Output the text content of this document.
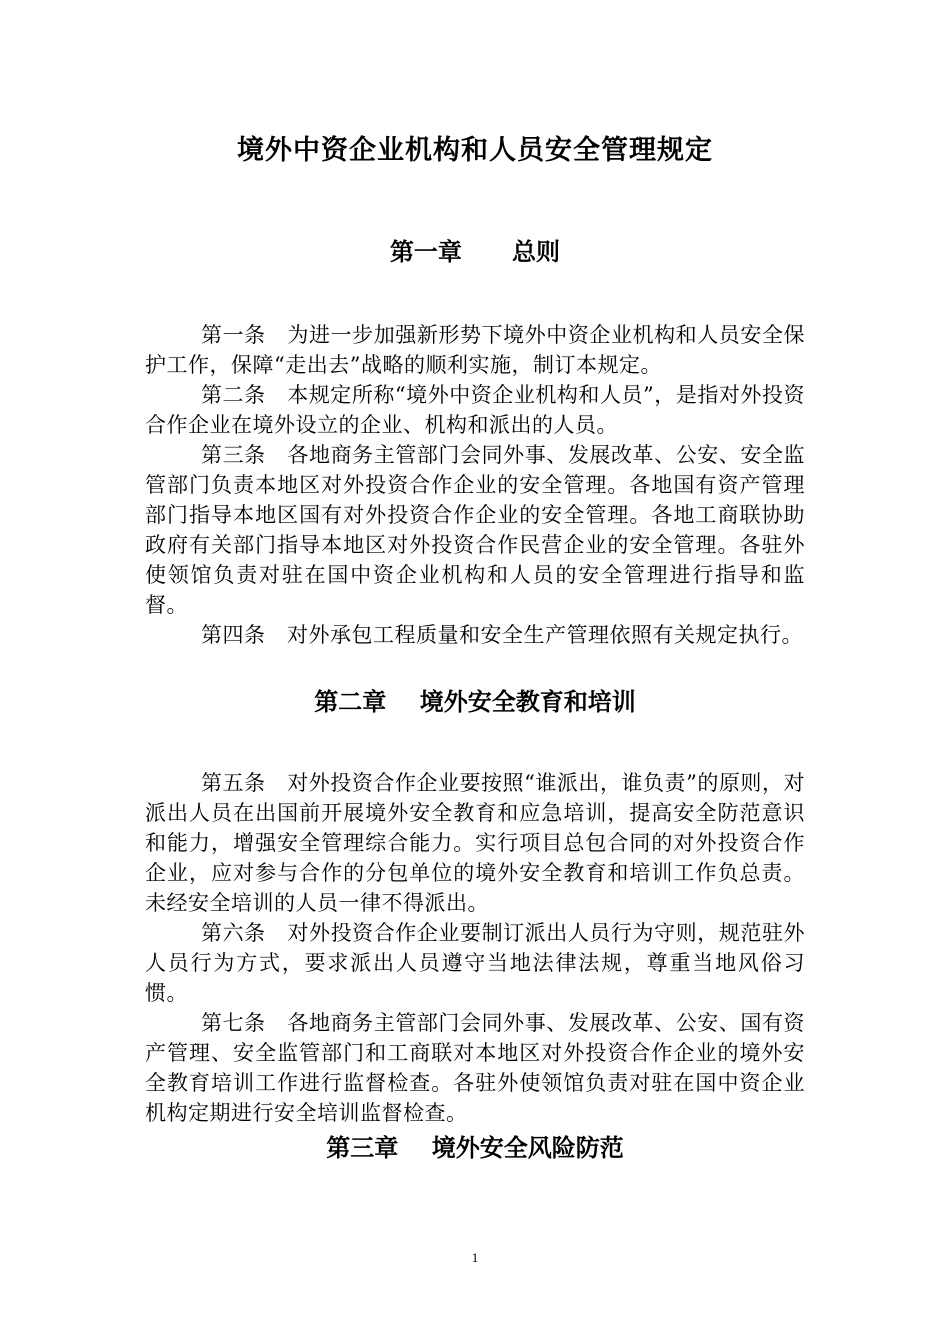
境外中资企业机构和人员安全管理规定
第一章      总则

第一条 为进一步加强新形势下境外中资企业机构和人员安全保护工作，保障“走出去”战略的顺利实施，制订本规定。

第二条 本规定所称“境外中资企业机构和人员”，是指对外投资合作企业在境外设立的企业、机构和派出的人员。

第三条 各地商务主管部门会同外事、发展改革、公安、安全监管部门负责本地区对外投资合作企业的安全管理。各地国有资产管理部门指导本地区国有对外投资合作企业的安全管理。各地工商联协助政府有关部门指导本地区对外投资合作民营企业的安全管理。各驻外使领馆负责对驻在国中资企业机构和人员的安全管理进行指导和监督。

第四条 对外承包工程质量和安全生产管理依照有关规定执行。

第二章    境外安全教育和培训

第五条 对外投资合作企业要按照“谁派出，谁负责”的原则，对派出人员在出国前开展境外安全教育和应急培训，提高安全防范意识和能力，增强安全管理综合能力。实行项目总包合同的对外投资合作企业，应对参与合作的分包单位的境外安全教育和培训工作负总责。未经安全培训的人员一律不得派出。

第六条 对外投资合作企业要制订派出人员行为守则，规范驻外人员行为方式，要求派出人员遵守当地法律法规，尊重当地风俗习惯。

第七条 各地商务主管部门会同外事、发展改革、公安、国有资产管理、安全监管部门和工商联对本地区对外投资合作企业的境外安全教育培训工作进行监督检查。各驻外使领馆负责对驻在国中资企业机构定期进行安全培训监督检查。

第三章    境外安全风险防范
1
